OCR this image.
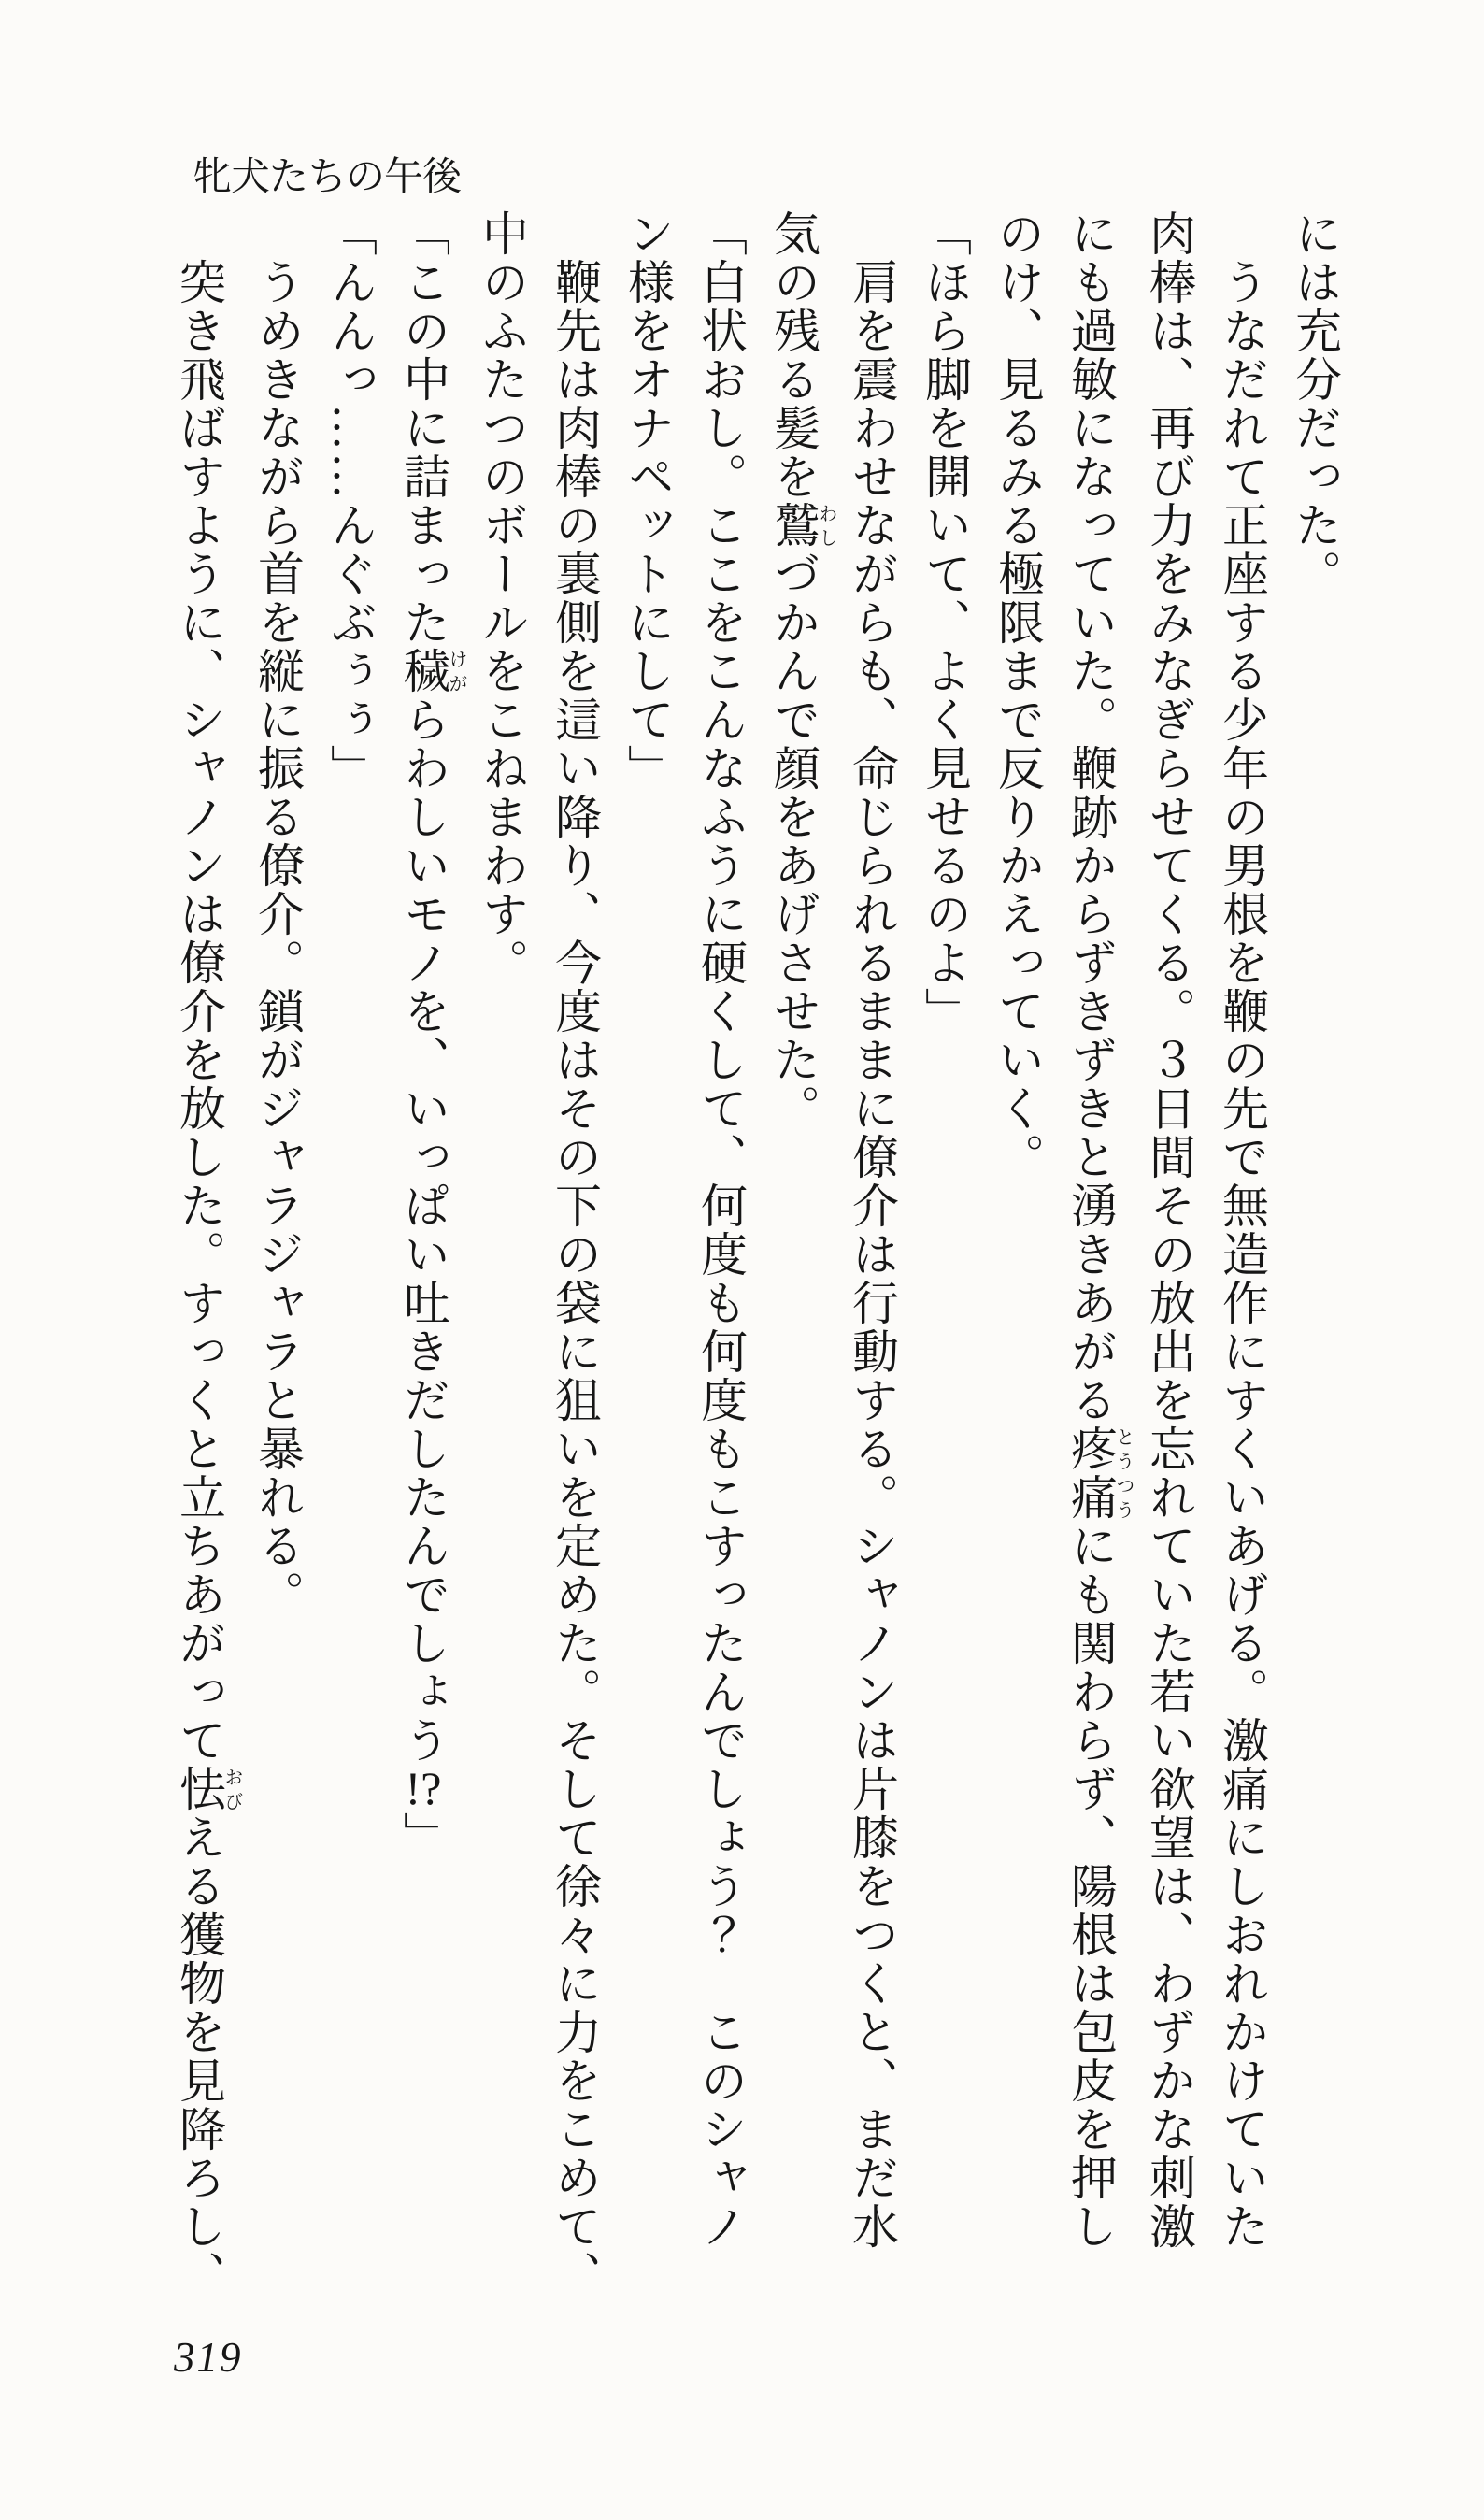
牝犬たちの午後

には充分だった。

　うなだれて正座する少年の男根を鞭の先で無造作にすくいあげる。激痛にしおれかけていた

肉棒は、再び力をみなぎらせてくる。３日間その放出を忘れていた若い欲望は、わずかな刺激

にも過敏になっていた。鞭跡からずきずきと湧きあがる疼痛とうつうにも関わらず、陽根は包皮を押し

のけ、見るみる極限まで反りかえっていく。

「ほら脚を開いて、よく見せるのよ」

　肩を震わせながらも、命じられるままに僚介は行動する。シャノンは片膝をつくと、まだ水

気の残る髪を鷲わしづかんで顔をあげさせた。

「白状おし。ここをこんなふうに硬くして、何度も何度もこすったんでしょう？　このシャノ

ン様をオナペットにして」

　鞭先は肉棒の裏側を這い降り、今度はその下の袋に狙いを定めた。そして徐々に力をこめて、

中のふたつのボールをこねまわす。

「この中に詰まった穢けがらわしいモノを、いっぱい吐きだしたんでしょう!?」

「んんっ……んぐぶぅぅ」

　うめきながら首を縦に振る僚介。鎖がジャラジャラと暴れる。

　突き飛ばすように、シャノンは僚介を放した。すっくと立ちあがって怯おびえる獲物を見降ろし、

319
